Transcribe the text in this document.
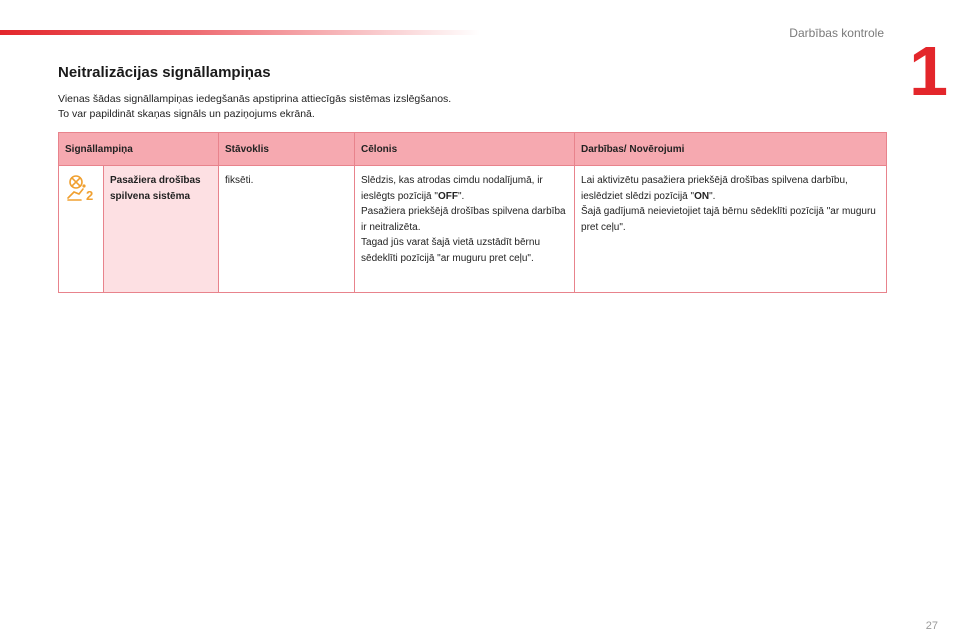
Darbības kontrole 1
Neitralizācijas signāllampiņas

Vienas šādas signāllampiņas iedegšanās apstiprina attiecīgās sistēmas izslēgšanos.

To var papildināt skaņas signāls un paziņojums ekrānā.

Signāllampiņa		Stāvoklis	Cēlonis	Darbības/ Novērojumi

2	Pasažiera drošības spilvena sistēma	fiksēti.	Slēdzis, kas atrodas cimdu nodalījumā, ir ieslēgts pozīcijā "OFF".
Pasažiera priekšējā drošības spilvena darbība ir neitralizēta.
Tagad jūs varat šajā vietā uzstādīt bērnu sēdeklīti pozīcijā "ar muguru pret ceļu".	Lai aktivizētu pasažiera priekšējā drošības spilvena darbību, ieslēdziet slēdzi pozīcijā "ON".
Šajā gadījumā neievietojiet tajā bērnu sēdeklīti pozīcijā "ar muguru pret ceļu".
27
